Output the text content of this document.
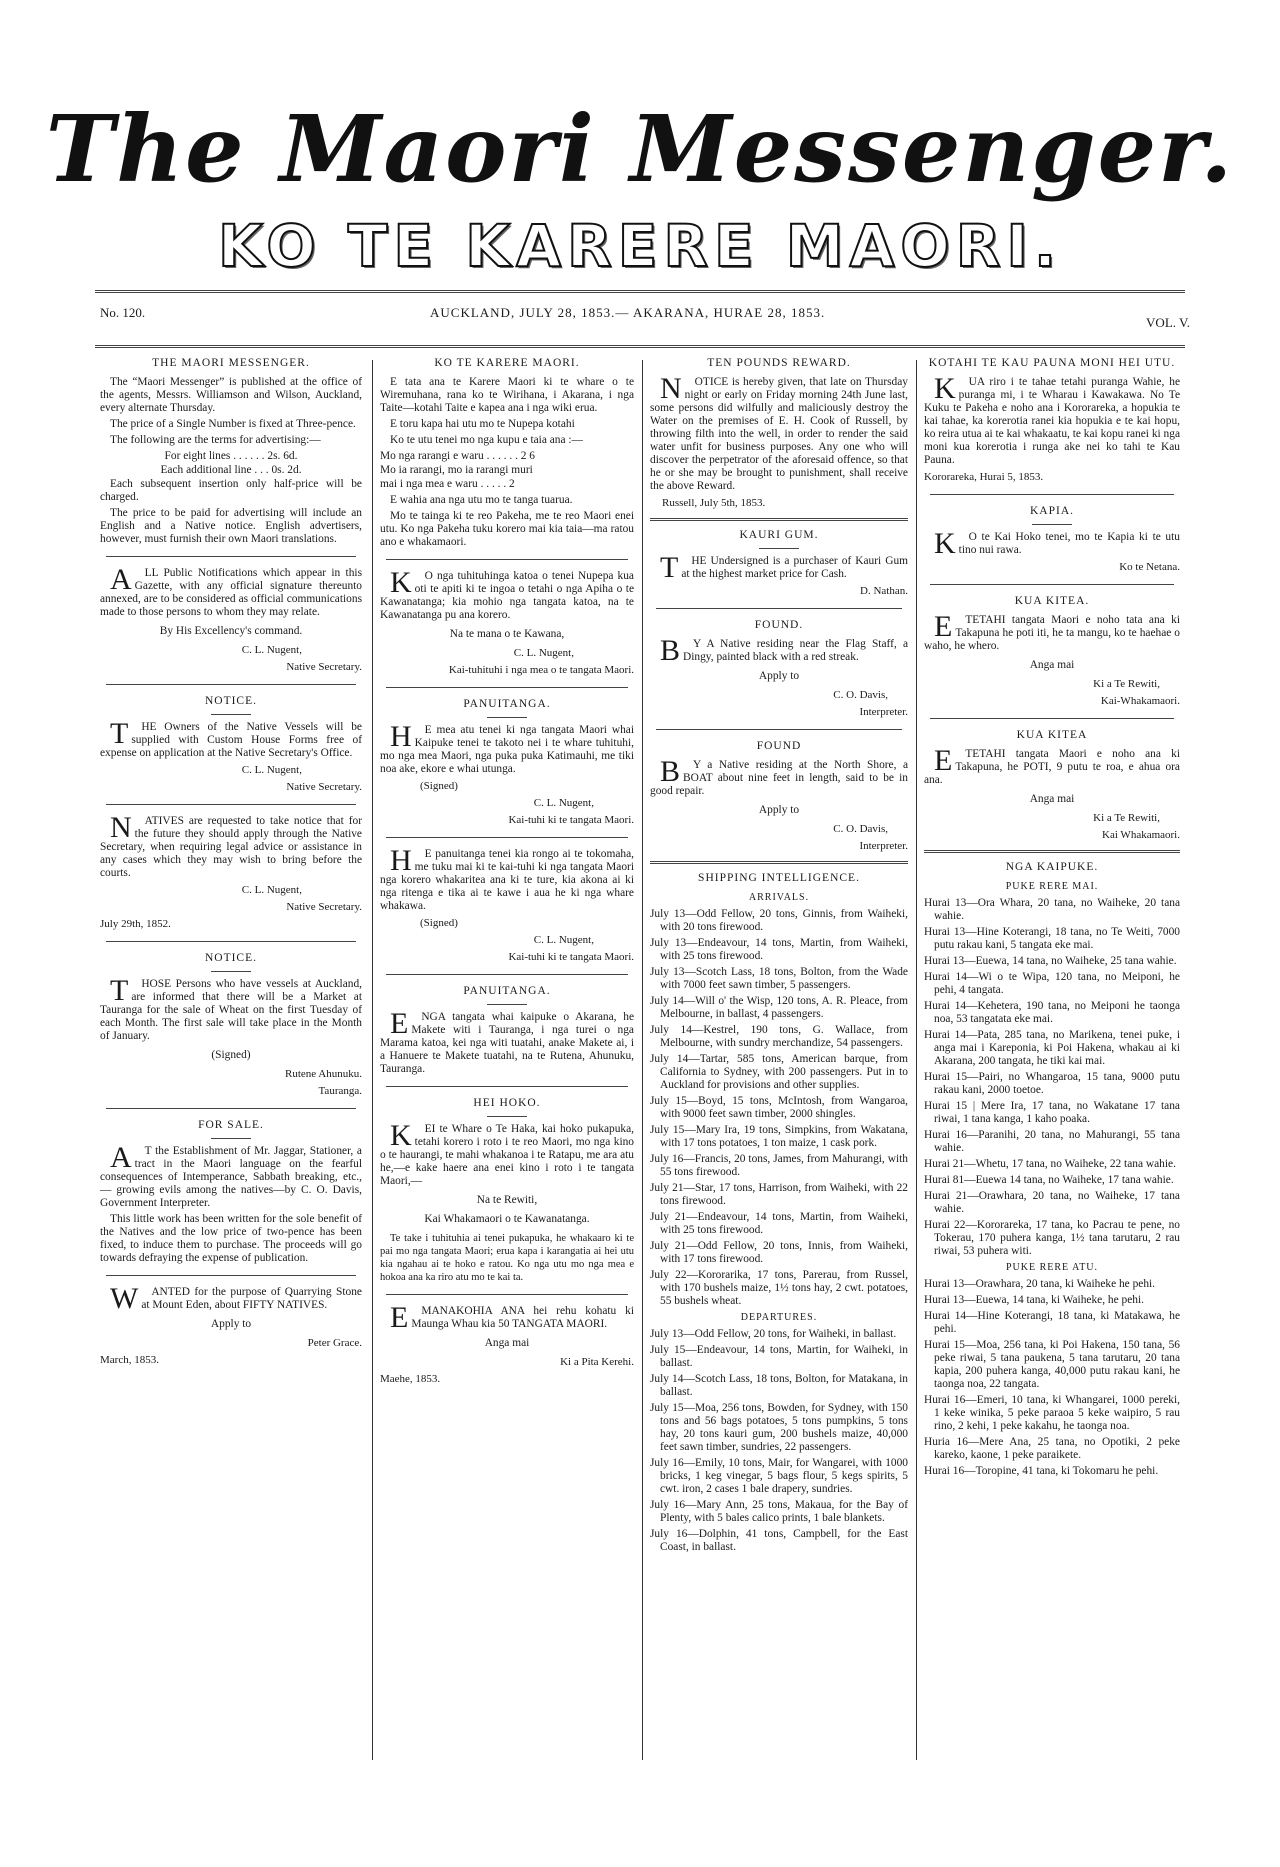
The Maori Messenger.
KO TE KARERE MAORI.
No. 120.	AUCKLAND, JULY 28, 1853.— AKARANA, HURAE 28, 1853.
VOL. V.
THE MAORI MESSENGER.

The “Maori Messenger” is published at the office of the agents, Messrs. Williamson and Wilson, Auckland, every alternate Thursday.

The price of a Single Number is fixed at Three-pence.

The following are the terms for advertising:—

For eight lines . . . . . . 2s. 6d.
Each additional line . . . 0s. 2d.

Each subsequent insertion only half-price will be charged.

The price to be paid for advertising will include an English and a Native notice. English advertisers, however, must furnish their own Maori translations.

ALL Public Notifications which appear in this Gazette, with any official signature thereunto annexed, are to be considered as official communications made to those persons to whom they may relate.

By His Excellency's command.
C. L. Nugent,
Native Secretary.
NOTICE.

THE Owners of the Native Vessels will be supplied with Custom House Forms free of expense on application at the Native Secretary's Office.

C. L. Nugent,
Native Secretary.

NATIVES are requested to take notice that for the future they should apply through the Native Secretary, when requiring legal advice or assistance in any cases which they may wish to bring before the courts.

C. L. Nugent,
Native Secretary.
July 29th, 1852.
NOTICE.

THOSE Persons who have vessels at Auckland, are informed that there will be a Market at Tauranga for the sale of Wheat on the first Tuesday of each Month. The first sale will take place in the Month of January.

(Signed)
Rutene Ahunuku.
Tauranga.
FOR SALE.

AT the Establishment of Mr. Jaggar, Stationer, a tract in the Maori language on the fearful consequences of Intemperance, Sabbath breaking, etc., — growing evils among the natives—by C. O. Davis, Government Interpreter.

This little work has been written for the sole benefit of the Natives and the low price of two-pence has been fixed, to induce them to purchase. The proceeds will go towards defraying the expense of publication.

WANTED for the purpose of Quarrying Stone at Mount Eden, about FIFTY NATIVES.

Apply to
Peter Grace.
March, 1853.
KO TE KARERE MAORI.

E tata ana te Karere Maori ki te whare o te Wiremuhana, rana ko te Wirihana, i Akarana, i nga Taite—kotahi Taite e kapea ana i nga wiki erua.

E toru kapa hai utu mo te Nupepa kotahi

Ko te utu tenei mo nga kupu e taia ana :—

Mo nga rarangi e waru . . . . . . 2 6
Mo ia rarangi, mo ia rarangi muri
mai i nga mea e waru . . . . . 2

E wahia ana nga utu mo te tanga tuarua.

Mo te tainga ki te reo Pakeha, me te reo Maori enei utu. Ko nga Pakeha tuku korero mai kia taia—ma ratou ano e whakamaori.

KO nga tuhituhinga katoa o tenei Nupepa kua oti te apiti ki te ingoa o tetahi o nga Apiha o te Kawanatanga; kia mohio nga tangata katoa, na te Kawanatanga pu ana korero.

Na te mana o te Kawana,
C. L. Nugent,
Kai-tuhituhi i nga mea o te tangata Maori.
PANUITANGA.

HE mea atu tenei ki nga tangata Maori whai Kaipuke tenei te takoto nei i te whare tuhituhi, mo nga mea Maori, nga puka puka Katimauhi, me tiki noa ake, ekore e whai utunga.

(Signed)
C. L. Nugent,
Kai-tuhi ki te tangata Maori.

HE panuitanga tenei kia rongo ai te tokomaha, me tuku mai ki te kai-tuhi ki nga tangata Maori nga korero whakaritea ana ki te ture, kia akona ai ki nga ritenga e tika ai te kawe i aua he ki nga whare whakawa.

(Signed)
C. L. Nugent,
Kai-tuhi ki te tangata Maori.
PANUITANGA.

ENGA tangata whai kaipuke o Akarana, he Makete witi i Tauranga, i nga turei o nga Marama katoa, kei nga witi tuatahi, anake Makete ai, i a Hanuere te Makete tuatahi, na te Rutena, Ahunuku, Tauranga.

HEI HOKO.

KEI te Whare o Te Haka, kai hoko pukapuka, tetahi korero i roto i te reo Maori, mo nga kino o te haurangi, te mahi whakanoa i te Ratapu, me ara atu he,—e kake haere ana enei kino i roto i te tangata Maori,—

Na te Rewiti,
Kai Whakamaori o te Kawanatanga.

Te take i tuhituhia ai tenei pukapuka, he whakaaro ki te pai mo nga tangata Maori; erua kapa i karangatia ai hei utu kia ngahau ai te hoko e ratou. Ko nga utu mo nga mea e hokoa ana ka riro atu mo te kai ta.

EMANAKOHIA ANA hei rehu kohatu ki Maunga Whau kia 50 TANGATA MAORI.

Anga mai
Ki a Pita Kerehi.
Maehe, 1853.
TEN POUNDS REWARD.

NOTICE is hereby given, that late on Thursday night or early on Friday morning 24th June last, some persons did wilfully and maliciously destroy the Water on the premises of E. H. Cook of Russell, by throwing filth into the well, in order to render the said water unfit for business purposes. Any one who will discover the perpetrator of the aforesaid offence, so that he or she may be brought to punishment, shall receive the above Reward.

Russell, July 5th, 1853.
KAURI GUM.

THE Undersigned is a purchaser of Kauri Gum at the highest market price for Cash.

D. Nathan.
FOUND.

BY A Native residing near the Flag Staff, a Dingy, painted black with a red streak.

Apply to
C. O. Davis,
Interpreter.
FOUND

BY a Native residing at the North Shore, a BOAT about nine feet in length, said to be in good repair.

Apply to
C. O. Davis,
Interpreter.
SHIPPING INTELLIGENCE.
ARRIVALS.

July 13—Odd Fellow, 20 tons, Ginnis, from Waiheki, with 20 tons firewood.

July 13—Endeavour, 14 tons, Martin, from Waiheki, with 25 tons firewood.

July 13—Scotch Lass, 18 tons, Bolton, from the Wade with 7000 feet sawn timber, 5 passengers.

July 14—Will o' the Wisp, 120 tons, A. R. Pleace, from Melbourne, in ballast, 4 passengers.

July 14—Kestrel, 190 tons, G. Wallace, from Melbourne, with sundry merchandize, 54 passengers.

July 14—Tartar, 585 tons, American barque, from California to Sydney, with 200 passengers. Put in to Auckland for provisions and other supplies.

July 15—Boyd, 15 tons, McIntosh, from Wangaroa, with 9000 feet sawn timber, 2000 shingles.

July 15—Mary Ira, 19 tons, Simpkins, from Wakatana, with 17 tons potatoes, 1 ton maize, 1 cask pork.

July 16—Francis, 20 tons, James, from Mahurangi, with 55 tons firewood.

July 21—Star, 17 tons, Harrison, from Waiheki, with 22 tons firewood.

July 21—Endeavour, 14 tons, Martin, from Waiheki, with 25 tons firewood.

July 21—Odd Fellow, 20 tons, Innis, from Waiheki, with 17 tons firewood.

July 22—Kororarika, 17 tons, Parerau, from Russel, with 170 bushels maize, 1½ tons hay, 2 cwt. potatoes, 55 bushels wheat.

DEPARTURES.

July 13—Odd Fellow, 20 tons, for Waiheki, in ballast.

July 15—Endeavour, 14 tons, Martin, for Waiheki, in ballast.

July 14—Scotch Lass, 18 tons, Bolton, for Matakana, in ballast.

July 15—Moa, 256 tons, Bowden, for Sydney, with 150 tons and 56 bags potatoes, 5 tons pumpkins, 5 tons hay, 20 tons kauri gum, 200 bushels maize, 40,000 feet sawn timber, sundries, 22 passengers.

July 16—Emily, 10 tons, Mair, for Wangarei, with 1000 bricks, 1 keg vinegar, 5 bags flour, 5 kegs spirits, 5 cwt. iron, 2 cases 1 bale drapery, sundries.

July 16—Mary Ann, 25 tons, Makaua, for the Bay of Plenty, with 5 bales calico prints, 1 bale blankets.

July 16—Dolphin, 41 tons, Campbell, for the East Coast, in ballast.

KOTAHI TE KAU PAUNA MONI HEI UTU.

KUA riro i te tahae tetahi puranga Wahie, he puranga mi, i te Wharau i Kawakawa. No Te Kuku te Pakeha e noho ana i Kororareka, a hopukia te kai tahae, ka korerotia ranei kia hopukia e te kai hopu, ko reira utua ai te kai whakaatu, te kai kopu ranei ki nga moni kua korerotia i runga ake nei ko tahi te Kau Pauna.

Kororareka, Hurai 5, 1853.
KAPIA.

KO te Kai Hoko tenei, mo te Kapia ki te utu tino nui rawa.

Ko te Netana.
KUA KITEA.

ETETAHI tangata Maori e noho tata ana ki Takapuna he poti iti, he ta mangu, ko te haehae o waho, he whero.

Anga mai
Ki a Te Rewiti,
Kai-Whakamaori.
KUA KITEA

ETETAHI tangata Maori e noho ana ki Takapuna, he POTI, 9 putu te roa, e ahua ora ana.

Anga mai
Ki a Te Rewiti,
Kai Whakamaori.
NGA KAIPUKE.
PUKE RERE MAI.

Hurai 13—Ora Whara, 20 tana, no Waiheke, 20 tana wahie.

Hurai 13—Hine Koterangi, 18 tana, no Te Weiti, 7000 putu rakau kani, 5 tangata eke mai.

Hurai 13—Euewa, 14 tana, no Waiheke, 25 tana wahie.

Hurai 14—Wi o te Wipa, 120 tana, no Meiponi, he pehi, 4 tangata.

Hurai 14—Kehetera, 190 tana, no Meiponi he taonga noa, 53 tangatata eke mai.

Hurai 14—Pata, 285 tana, no Marikena, tenei puke, i anga mai i Kareponia, ki Poi Hakena, whakau ai ki Akarana, 200 tangata, he tiki kai mai.

Hurai 15—Pairi, no Whangaroa, 15 tana, 9000 putu rakau kani, 2000 toetoe.

Hurai 15 | Mere Ira, 17 tana, no Wakatane 17 tana riwai, 1 tana kanga, 1 kaho poaka.

Hurai 16—Paranihi, 20 tana, no Mahurangi, 55 tana wahie.

Hurai 21—Whetu, 17 tana, no Waiheke, 22 tana wahie.

Hurai 81—Euewa 14 tana, no Waiheke, 17 tana wahie.

Hurai 21—Orawhara, 20 tana, no Waiheke, 17 tana wahie.

Hurai 22—Kororareka, 17 tana, ko Pacrau te pene, no Tokerau, 170 puhera kanga, 1½ tana tarutaru, 2 rau riwai, 53 puhera witi.

PUKE RERE ATU.

Hurai 13—Orawhara, 20 tana, ki Waiheke he pehi.

Hurai 13—Euewa, 14 tana, ki Waiheke, he pehi.

Hurai 14—Hine Koterangi, 18 tana, ki Matakawa, he pehi.

Hurai 15—Moa, 256 tana, ki Poi Hakena, 150 tana, 56 peke riwai, 5 tana paukena, 5 tana tarutaru, 20 tana kapia, 200 puhera kanga, 40,000 putu rakau kani, he taonga noa, 22 tangata.

Hurai 16—Emeri, 10 tana, ki Whangarei, 1000 pereki, 1 keke winika, 5 peke paraoa 5 keke waipiro, 5 rau rino, 2 kehi, 1 peke kakahu, he taonga noa.

Huria 16—Mere Ana, 25 tana, no Opotiki, 2 peke kareko, kaone, 1 peke paraikete.

Hurai 16—Toropine, 41 tana, ki Tokomaru he pehi.
